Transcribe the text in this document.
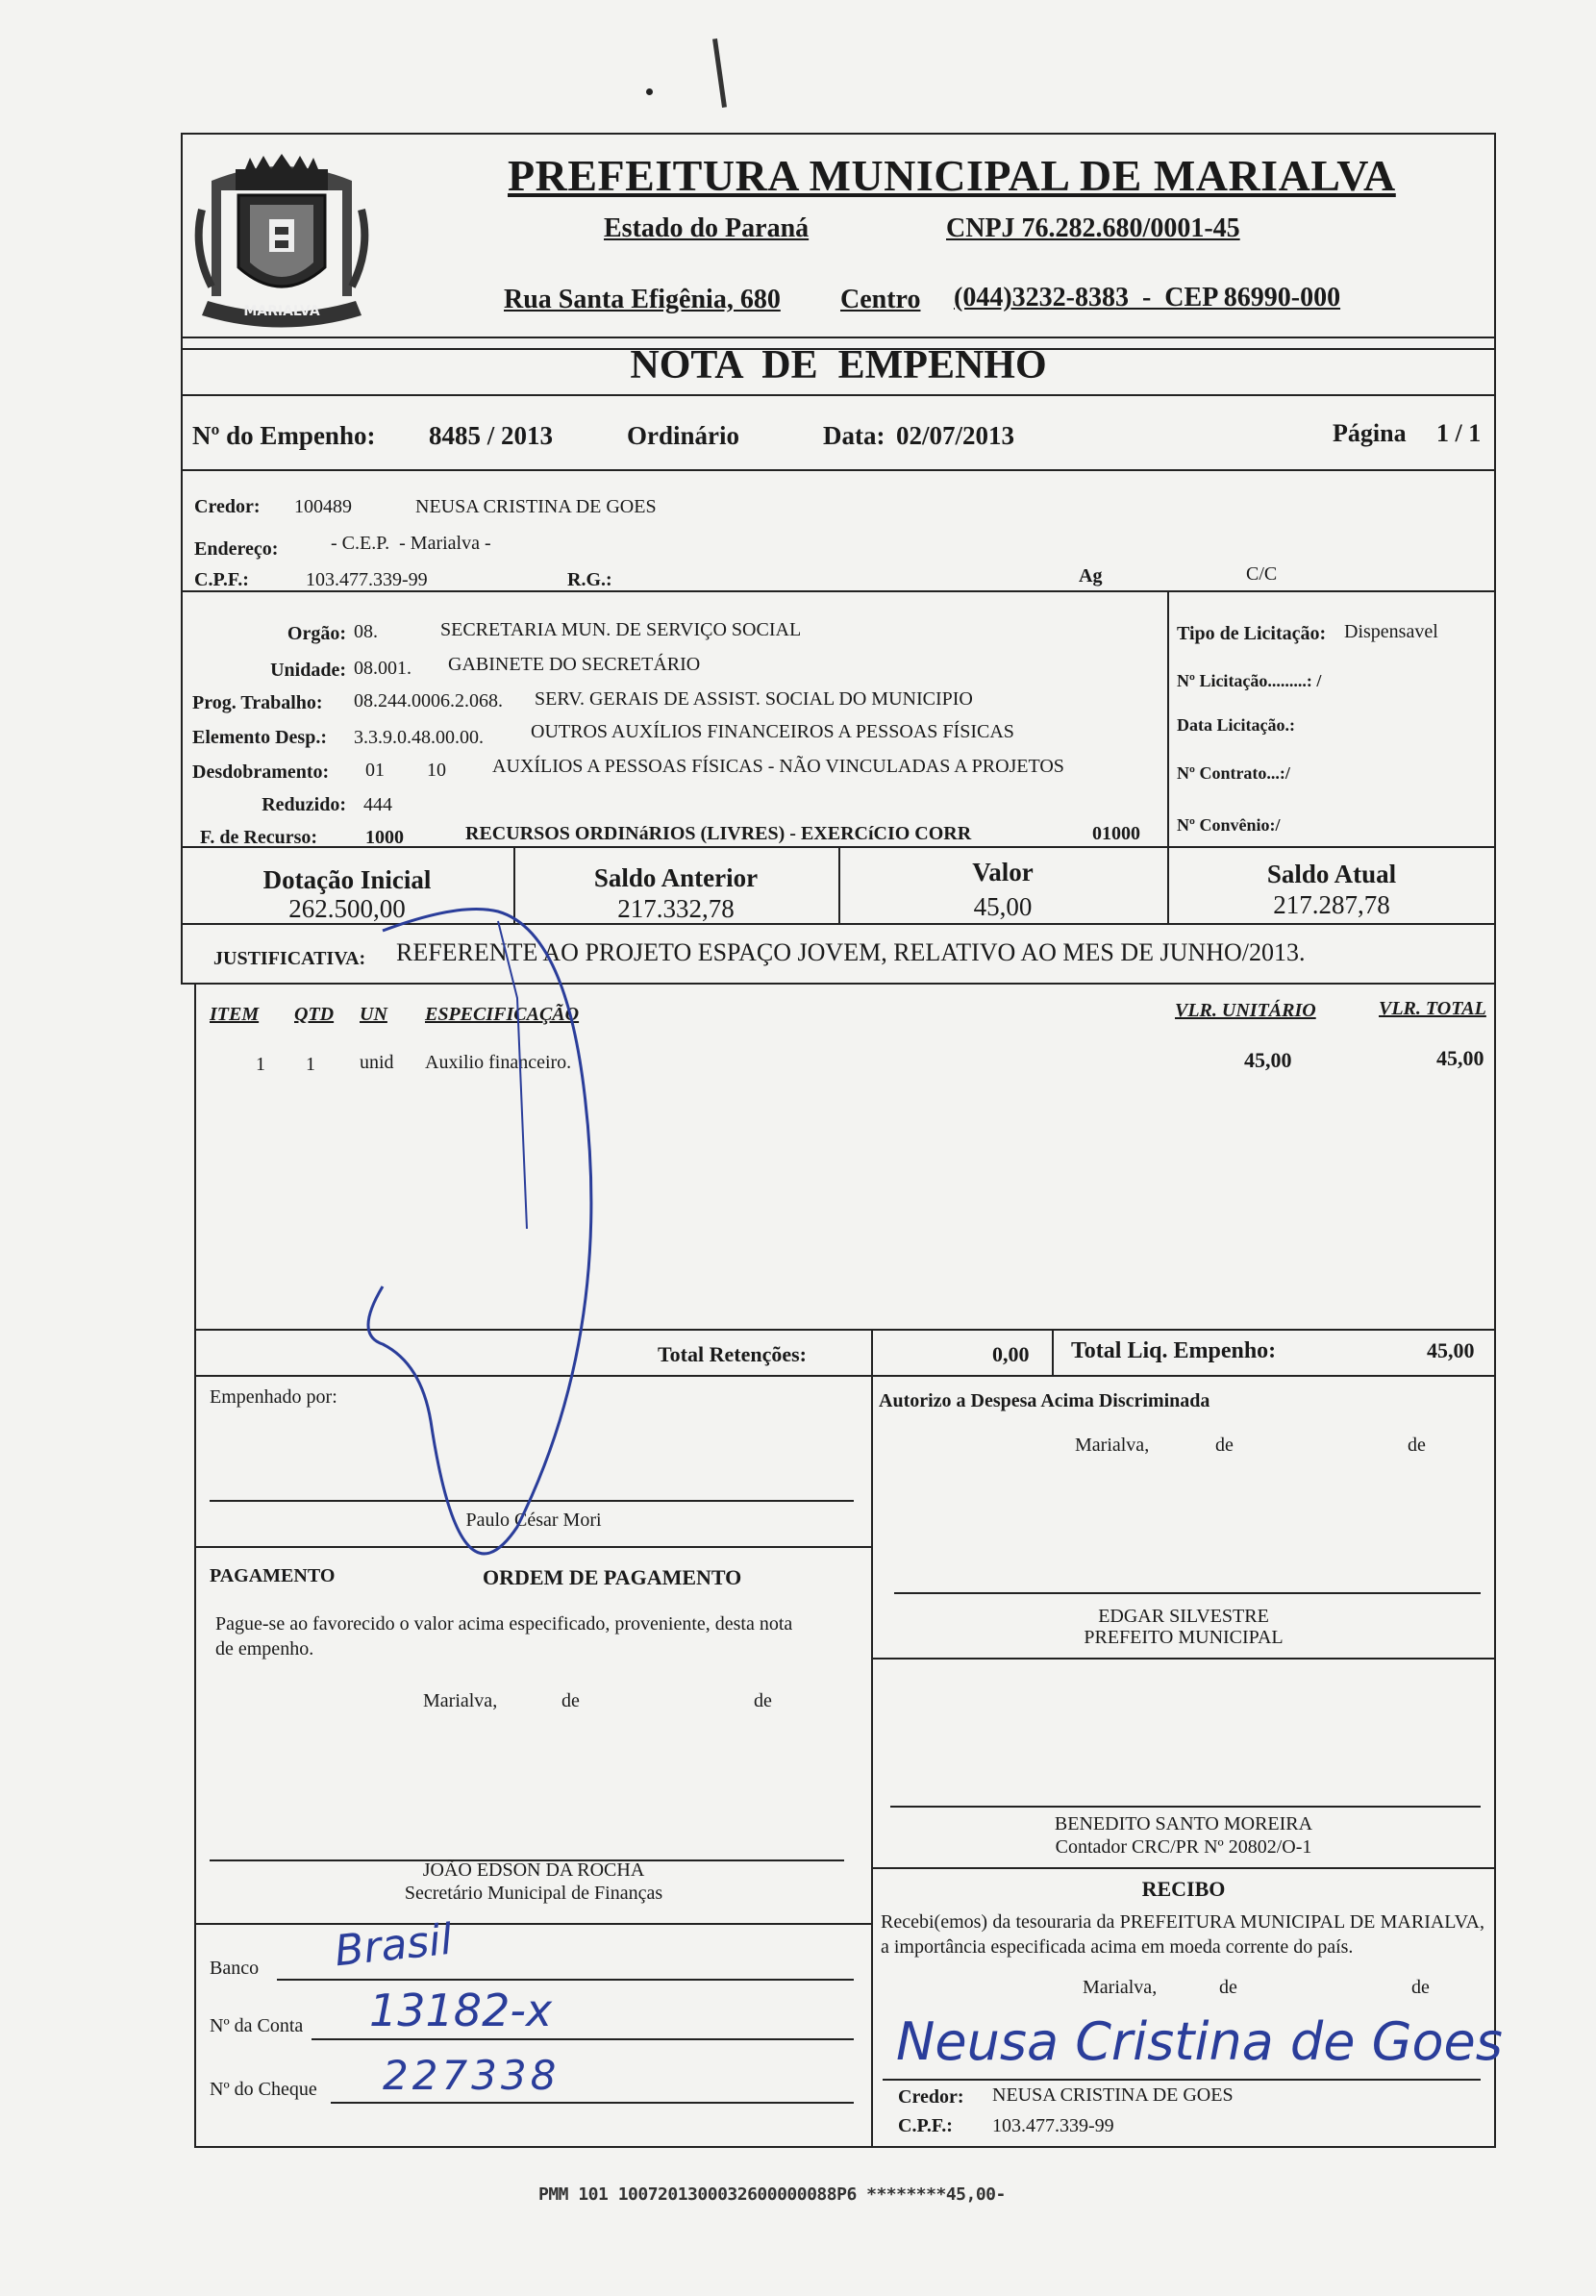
MARIALVA
PREFEITURA MUNICIPAL DE MARIALVA
Estado do Paraná	CNPJ 76.282.680/0001-45
Rua Santa Efigênia, 680 Centro (044)3232-8383  -  CEP 86990-000
NOTA  DE  EMPENHO
Nº do Empenho: 8485 / 2013	Ordinário	Data: 02/07/2013	Página 1 / 1
Credor: 100489	NEUSA CRISTINA DE GOES
Endereço:	- C.E.P.  - Marialva -
C.P.F.:	103.477.339-99	R.G.:	Ag	C/C
Orgão: 08.	SECRETARIA MUN. DE SERVIÇO SOCIAL
Unidade: 08.001. GABINETE DO SECRETÁRIO
Prog. Trabalho: 08.244.0006.2.068. SERV. GERAIS DE ASSIST. SOCIAL DO MUNICIPIO
Elemento Desp.: 3.3.9.0.48.00.00. OUTROS AUXÍLIOS FINANCEIROS A PESSOAS FÍSICAS
Desdobramento: 01 10 AUXÍLIOS A PESSOAS FÍSICAS - NÃO VINCULADAS A PROJETOS
Reduzido: 444
F. de Recurso: 1000	RECURSOS ORDINáRIOS (LIVRES) - EXERCíCIO CORR	01000
Tipo de Licitação: Dispensavel
Nº Licitação.........: /
Data Licitação.:
Nº Contrato...:/
Nº Convênio:/
Dotação Inicial
262.500,00
Saldo Anterior
217.332,78
Valor
45,00
Saldo Atual
217.287,78
JUSTIFICATIVA: REFERENTE AO PROJETO ESPAÇO JOVEM, RELATIVO AO MES DE JUNHO/2013.
ITEM QTD UN ESPECIFICAÇÃO	VLR. UNITÁRIO	VLR. TOTAL
1 1 unid Auxilio financeiro.	45,00	45,00
Total Retenções:	0,00 Total Liq. Empenho:	45,00
Empenhado por:
Paulo César Mori
PAGAMENTO	ORDEM DE PAGAMENTO
Pague-se ao favorecido o valor acima especificado, proveniente, desta nota de empenho.
Marialva,	de	de
JOÃO EDSON DA ROCHA
Secretário Municipal de Finanças
Banco Brasil
Nº da Conta 13182-x
Nº do Cheque 227338
Autorizo a Despesa Acima Discriminada
Marialva,	de	de
EDGAR SILVESTRE
PREFEITO MUNICIPAL
BENEDITO SANTO MOREIRA
Contador CRC/PR Nº 20802/O-1
RECIBO
Recebi(emos) da tesouraria da PREFEITURA MUNICIPAL DE MARIALVA, a importância especificada acima em moeda corrente do país.
Marialva,	de	de
Neusa Cristina de Goes
Credor: NEUSA CRISTINA DE GOES
C.P.F.: 103.477.339-99
PMM 101 1007201300032600000088P6 ********45,00-
